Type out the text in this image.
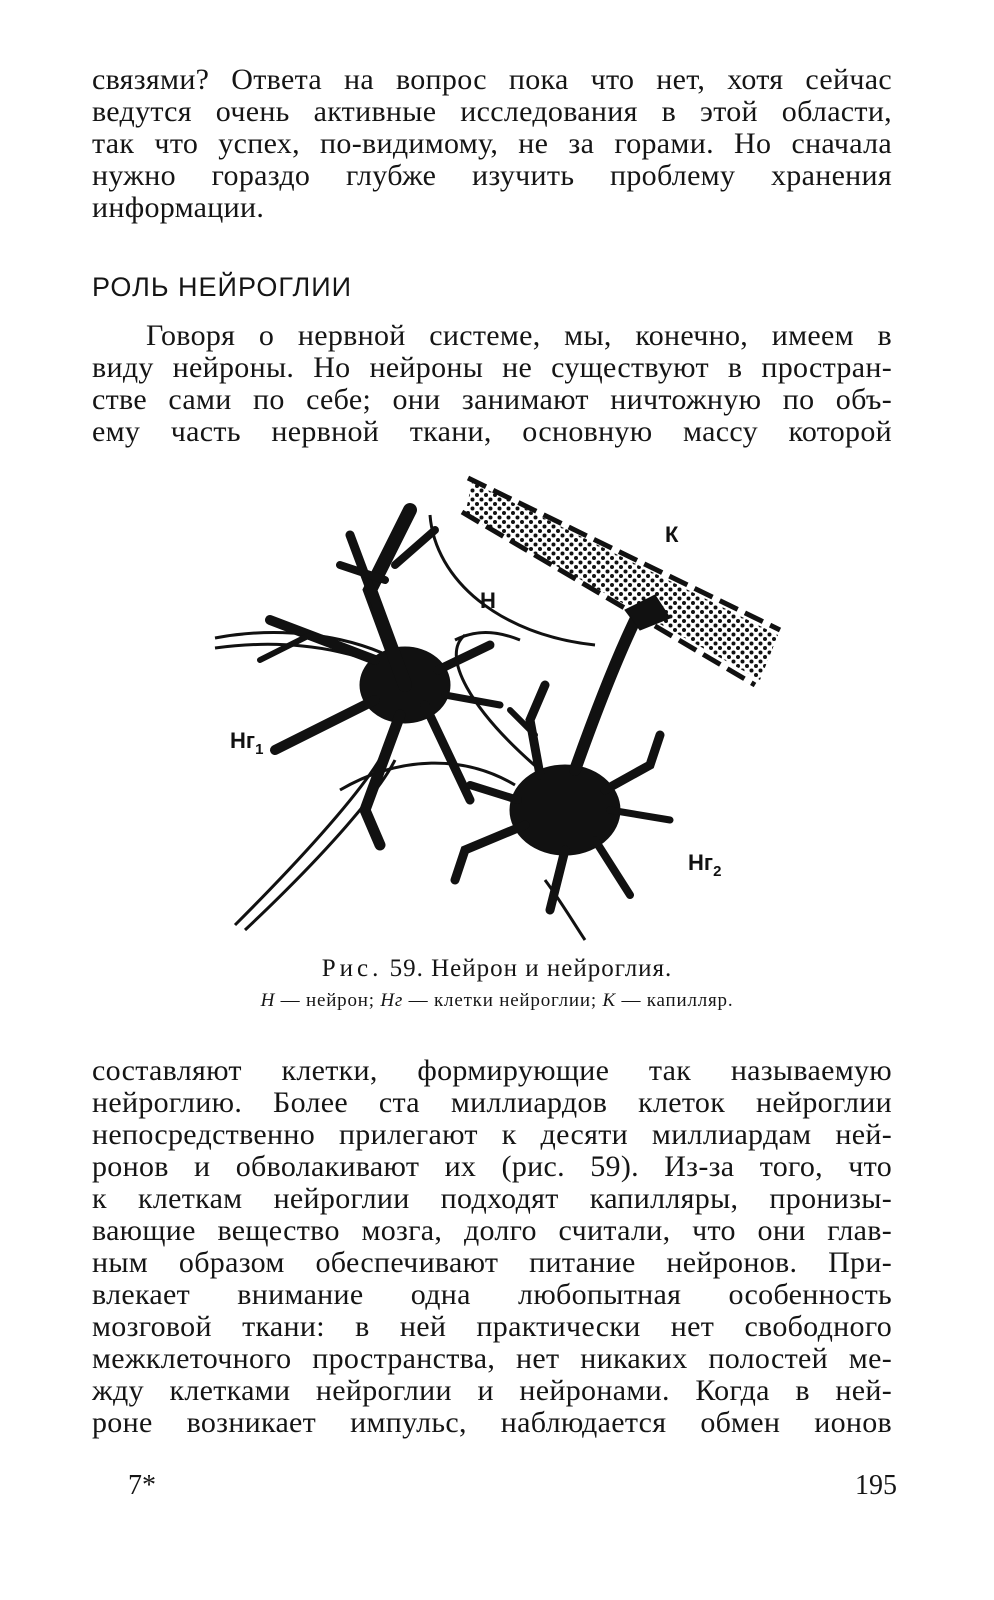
связями? Ответа на вопрос пока что нет, хотя сейчас
ведутся очень активные исследования в этой области,
так что успех, по-видимому, не за горами. Но сначала
нужно гораздо глубже изучить проблему хранения
информации.
РОЛЬ НЕЙРОГЛИИ
Говоря о нервной системе, мы, конечно, имеем в
виду нейроны. Но нейроны не существуют в простран-
стве сами по себе; они занимают ничтожную по объ-
ему часть нервной ткани, основную массу которой
К
Н
$Нг_1$
$Нг_2$
Рис. 59. Нейрон и нейроглия.
Н — нейрон; Нг — клетки нейроглии; К — капилляр.
составляют клетки, формирующие так называемую
нейроглию. Более ста миллиардов клеток нейроглии
непосредственно прилегают к десяти миллиардам ней-
ронов и обволакивают их (рис. 59). Из-за того, что
к клеткам нейроглии подходят капилляры, пронизы-
вающие вещество мозга, долго считали, что они глав-
ным образом обеспечивают питание нейронов. При-
влекает внимание одна любопытная особенность
мозговой ткани: в ней практически нет свободного
межклеточного пространства, нет никаких полостей ме-
жду клетками нейроглии и нейронами. Когда в ней-
роне возникает импульс, наблюдается обмен ионов
7*	195
